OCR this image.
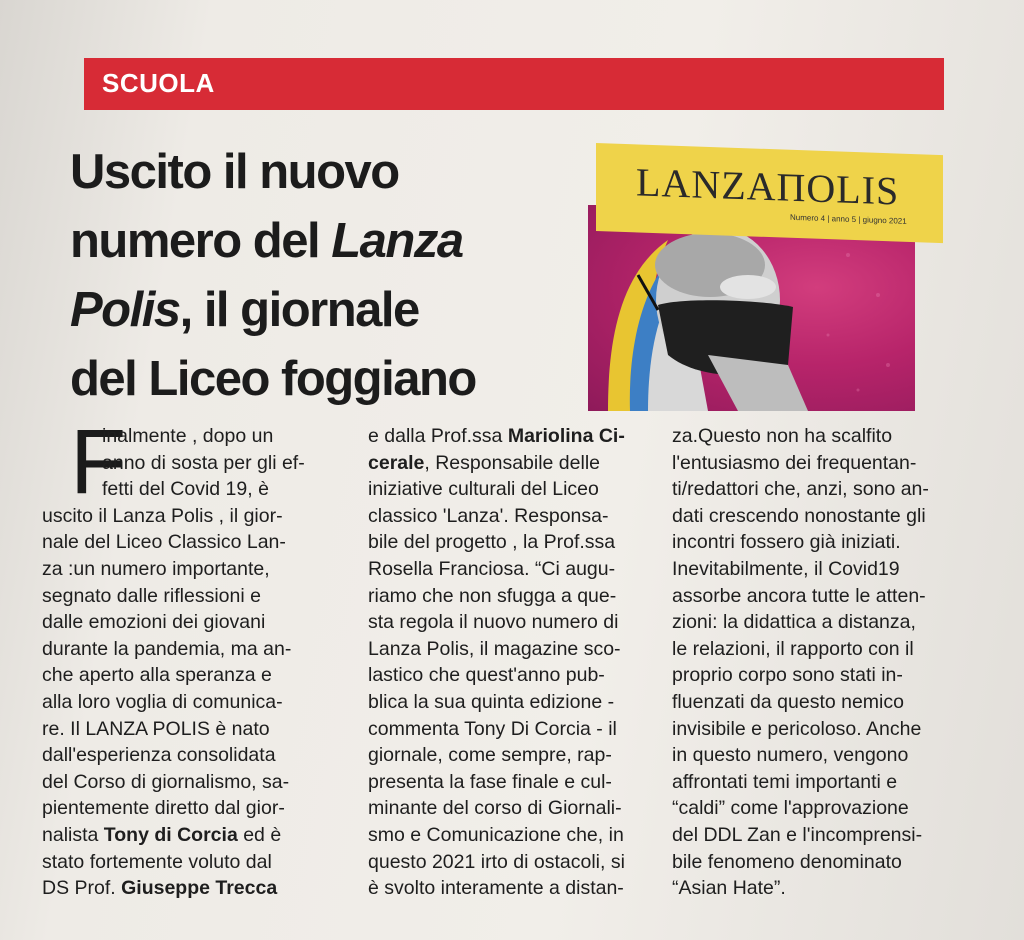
SCUOLA
Uscito il nuovo
numero del Lanza
Polis, il giornale
del Liceo foggiano
LANZAΠOLIS
Numero 4 | anno 5 | giugno 2021
F
inalmente , dopo un
anno di sosta per gli ef-
fetti del Covid 19, è
uscito il Lanza Polis , il gior-
nale del Liceo Classico Lan-
za :un numero importante,
segnato dalle riflessioni e
dalle emozioni dei giovani
durante la pandemia, ma an-
che aperto alla speranza e
alla loro voglia di comunica-
re. Il LANZA POLIS è nato
dall'esperienza consolidata
del Corso di giornalismo, sa-
pientemente diretto dal gior-
nalista Tony di Corcia ed è
stato fortemente voluto dal
DS Prof. Giuseppe Trecca
e dalla Prof.ssa Mariolina Ci-
cerale, Responsabile delle
iniziative culturali del Liceo
classico 'Lanza'. Responsa-
bile del progetto , la Prof.ssa
Rosella Franciosa. “Ci augu-
riamo che non sfugga a que-
sta regola il nuovo numero di
Lanza Polis, il magazine sco-
lastico che quest'anno pub-
blica la sua quinta edizione -
commenta Tony Di Corcia - il
giornale, come sempre, rap-
presenta la fase finale e cul-
minante del corso di Giornali-
smo e Comunicazione che, in
questo 2021 irto di ostacoli, si
è svolto interamente a distan-
za.Questo non ha scalfito
l'entusiasmo dei frequentan-
ti/redattori che, anzi, sono an-
dati crescendo nonostante gli
incontri fossero già iniziati.
Inevitabilmente, il Covid19
assorbe ancora tutte le atten-
zioni: la didattica a distanza,
le relazioni, il rapporto con il
proprio corpo sono stati in-
fluenzati da questo nemico
invisibile e pericoloso. Anche
in questo numero, vengono
affrontati temi importanti e
“caldi” come l'approvazione
del DDL Zan e l'incomprensi-
bile fenomeno denominato
“Asian Hate”.
